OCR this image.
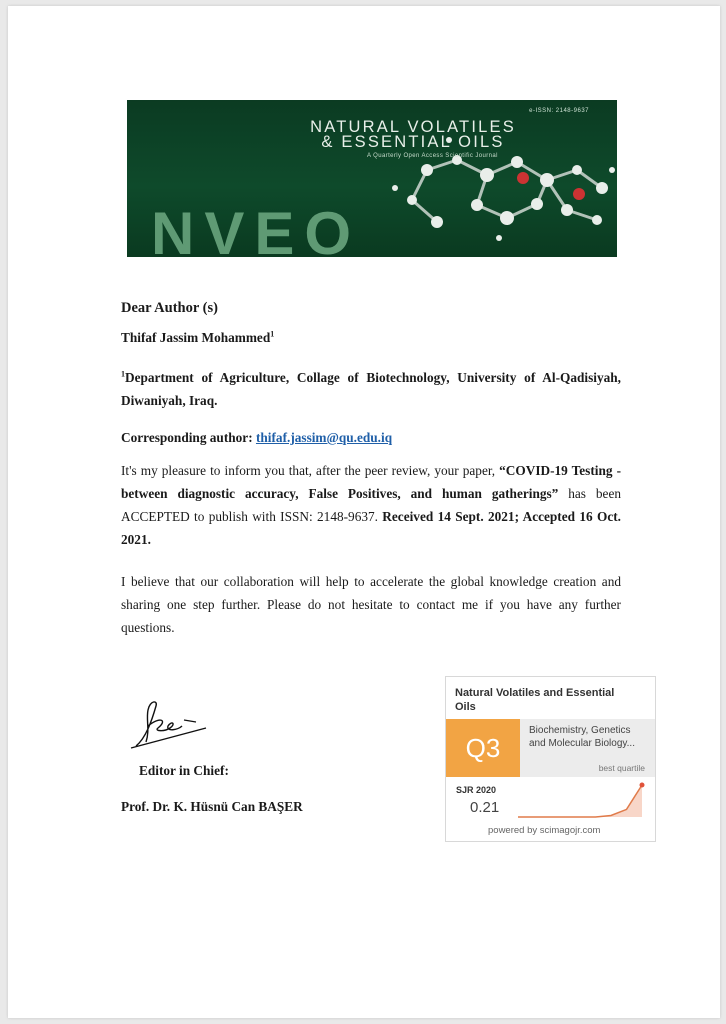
e-ISSN: 2148-9637
NATURAL VOLATILES
& ESSENTIAL OILS
A Quarterly Open Access Scientific Journal
NVEO
Dear Author (s)
Thifaf Jassim Mohammed$^1$
$^1$Department of Agriculture, Collage of Biotechnology, University of Al-Qadisiyah, Diwaniyah, Iraq.
Corresponding author: thifaf.jassim@qu.edu.iq
It's my pleasure to inform you that, after the peer review, your paper, “COVID-19 Testing - between diagnostic accuracy, False Positives, and human gatherings” has been ACCEPTED to publish with ISSN: 2148-9637. Received 14 Sept. 2021; Accepted 16 Oct. 2021.
I believe that our collaboration will help to accelerate the global knowledge creation and sharing one step further. Please do not hesitate to contact me if you have any further questions.
Editor in Chief:
Prof. Dr. K. Hüsnü Can BAŞER
Natural Volatiles and Essential Oils
Q3
Biochemistry, Genetics and Molecular Biology...
best quartile
SJR 2020
0.21
powered by scimagojr.com
